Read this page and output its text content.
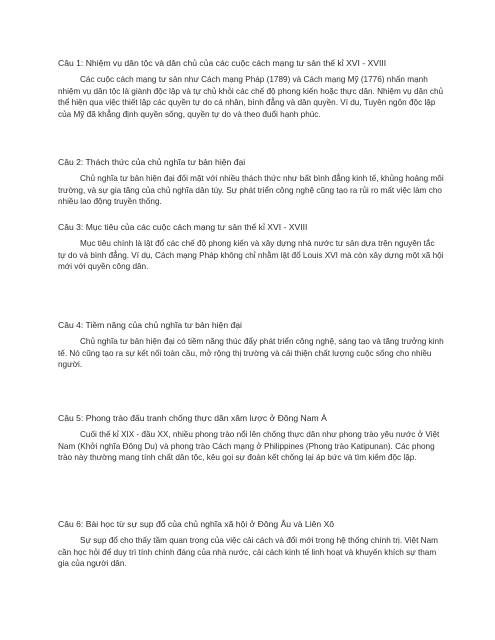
Câu 1: Nhiệm vụ dân tộc và dân chủ của các cuộc cách mạng tư sản thế kỉ XVI - XVIII
Các cuộc cách mạng tư sản như Cách mạng Pháp (1789) và Cách mạng Mỹ (1776) nhấn mạnh nhiệm vụ dân tộc là giành độc lập và tự chủ khỏi các chế độ phong kiến hoặc thực dân. Nhiệm vụ dân chủ thể hiện qua việc thiết lập các quyền tự do cá nhân, bình đẳng và dân quyền. Ví dụ, Tuyên ngôn độc lập của Mỹ đã khẳng định quyền sống, quyền tự do và theo đuổi hạnh phúc.
Câu 2: Thách thức của chủ nghĩa tư bản hiện đại
Chủ nghĩa tư bản hiện đại đối mặt với nhiều thách thức như bất bình đẳng kinh tế, khủng hoảng môi trường, và sự gia tăng của chủ nghĩa dân túy. Sự phát triển công nghệ cũng tạo ra rủi ro mất việc làm cho nhiều lao động truyền thống.
Câu 3: Mục tiêu của các cuộc cách mạng tư sản thế kỉ XVI - XVIII
Mục tiêu chính là lật đổ các chế độ phong kiến và xây dựng nhà nước tư sản dựa trên nguyên tắc tự do và bình đẳng. Ví dụ, Cách mạng Pháp không chỉ nhằm lật đổ Louis XVI mà còn xây dựng một xã hội mới với quyền công dân.
Câu 4: Tiềm năng của chủ nghĩa tư bản hiện đại
Chủ nghĩa tư bản hiện đại có tiềm năng thúc đẩy phát triển công nghệ, sáng tạo và tăng trưởng kinh tế. Nó cũng tạo ra sự kết nối toàn cầu, mở rộng thị trường và cải thiện chất lượng cuộc sống cho nhiều người.
Câu 5: Phong trào đấu tranh chống thực dân xâm lược ở Đông Nam Á
Cuối thế kỉ XIX - đầu XX, nhiều phong trào nổi lên chống thực dân như phong trào yêu nước ở Việt Nam (Khởi nghĩa Đông Du) và phong trào Cách mạng ở Philippines (Phong trào Katipunan). Các phong trào này thường mang tính chất dân tộc, kêu gọi sự đoàn kết chống lại áp bức và tìm kiếm độc lập.
Câu 6: Bài học từ sự sụp đổ của chủ nghĩa xã hội ở Đông Âu và Liên Xô
Sự sụp đổ cho thấy tầm quan trọng của việc cải cách và đổi mới trong hệ thống chính trị. Việt Nam cần học hỏi để duy trì tính chính đáng của nhà nước, cải cách kinh tế linh hoạt và khuyến khích sự tham gia của người dân.
